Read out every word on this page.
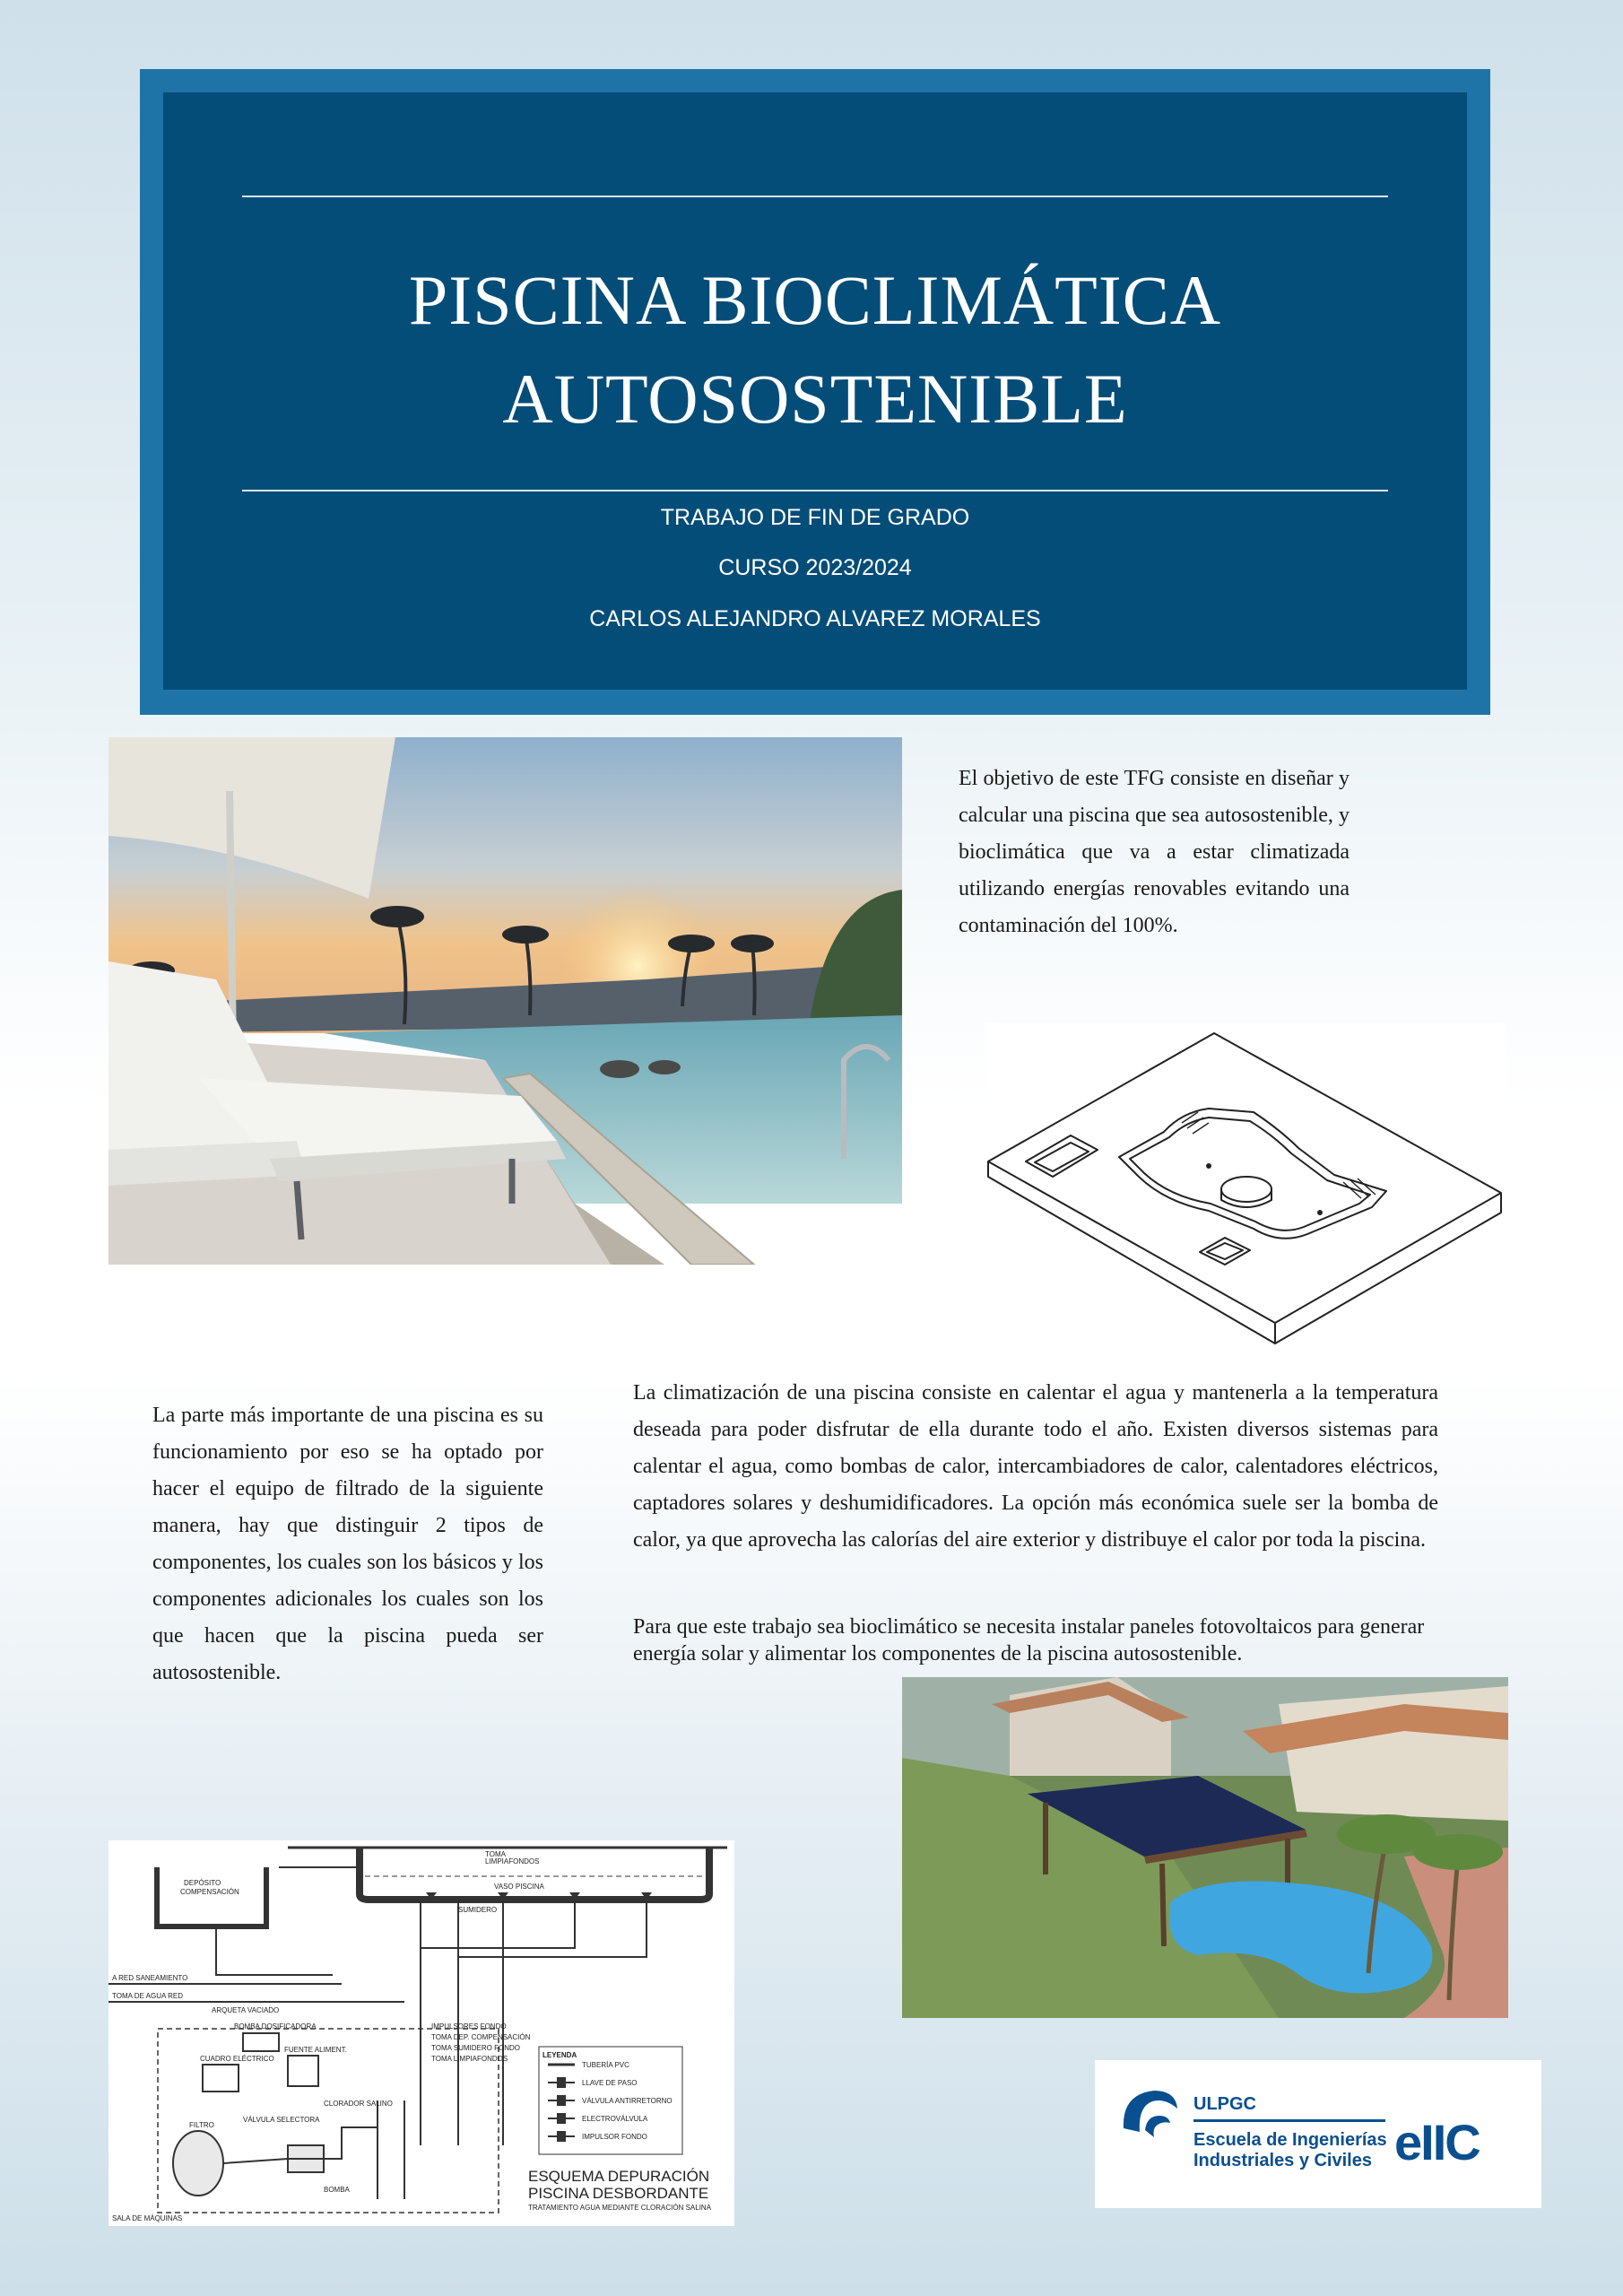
PISCINA BIOCLIMÁTICA
AUTOSOSTENIBLE
TRABAJO DE FIN DE GRADO
CURSO 2023/2024
CARLOS ALEJANDRO ALVAREZ MORALES

El objetivo de este TFG consiste en diseñar y calcular una piscina que sea autosostenible, y bioclimática que va a estar climatizada utilizando energías renovables evitando una contaminación del 100%.

La parte más importante de una piscina es su funcionamiento por eso se ha optado por hacer el equipo de filtrado de la siguiente manera, hay que distinguir 2 tipos de componentes, los cuales son los básicos y los componentes adicionales los cuales son los que hacen que la piscina pueda ser autosostenible.

La climatización de una piscina consiste en calentar el agua y mantenerla a la temperatura deseada para poder disfrutar de ella durante todo el año. Existen diversos sistemas para calentar el agua, como bombas de calor, intercambiadores de calor, calentadores eléctricos, captadores solares y deshumidificadores. La opción más económica suele ser la bomba de calor, ya que aprovecha las calorías del aire exterior y distribuye el calor por toda la piscina.

Para que este trabajo sea bioclimático se necesita instalar paneles fotovoltaicos para generar energía solar y alimentar los componentes de la piscina autosostenible.

DEPÓSITO
COMPENSACIÓN
TOMA
LIMPIAFONDOS
VASO PISCINA
SUMIDERO
A RED SANEAMIENTO
TOMA DE AGUA RED
ARQUETA VACIADO
BOMBA DOSIFICADORA
CUADRO ELÉCTRICO
FUENTE ALIMENT.
FILTRO
VÁLVULA SELECTORA
CLORADOR SALINO
BOMBA
IMPULSORES FONDO
TOMA DEP. COMPENSACIÓN
TOMA SUMIDERO FONDO
TOMA LIMPIAFONDOS	LEYENDA
TUBERÍA PVC
LLAVE DE PASO
VÁLVULA ANTIRRETORNO
ELECTROVÁLVULA
IMPULSOR FONDO
SALA DE MÁQUINAS
ESQUEMA DEPURACIÓN
PISCINA DESBORDANTE
TRATAMIENTO AGUA MEDIANTE CLORACIÓN SALINA
ULPGC
Escuela de Ingenierías
Industriales y Civiles eIIC
